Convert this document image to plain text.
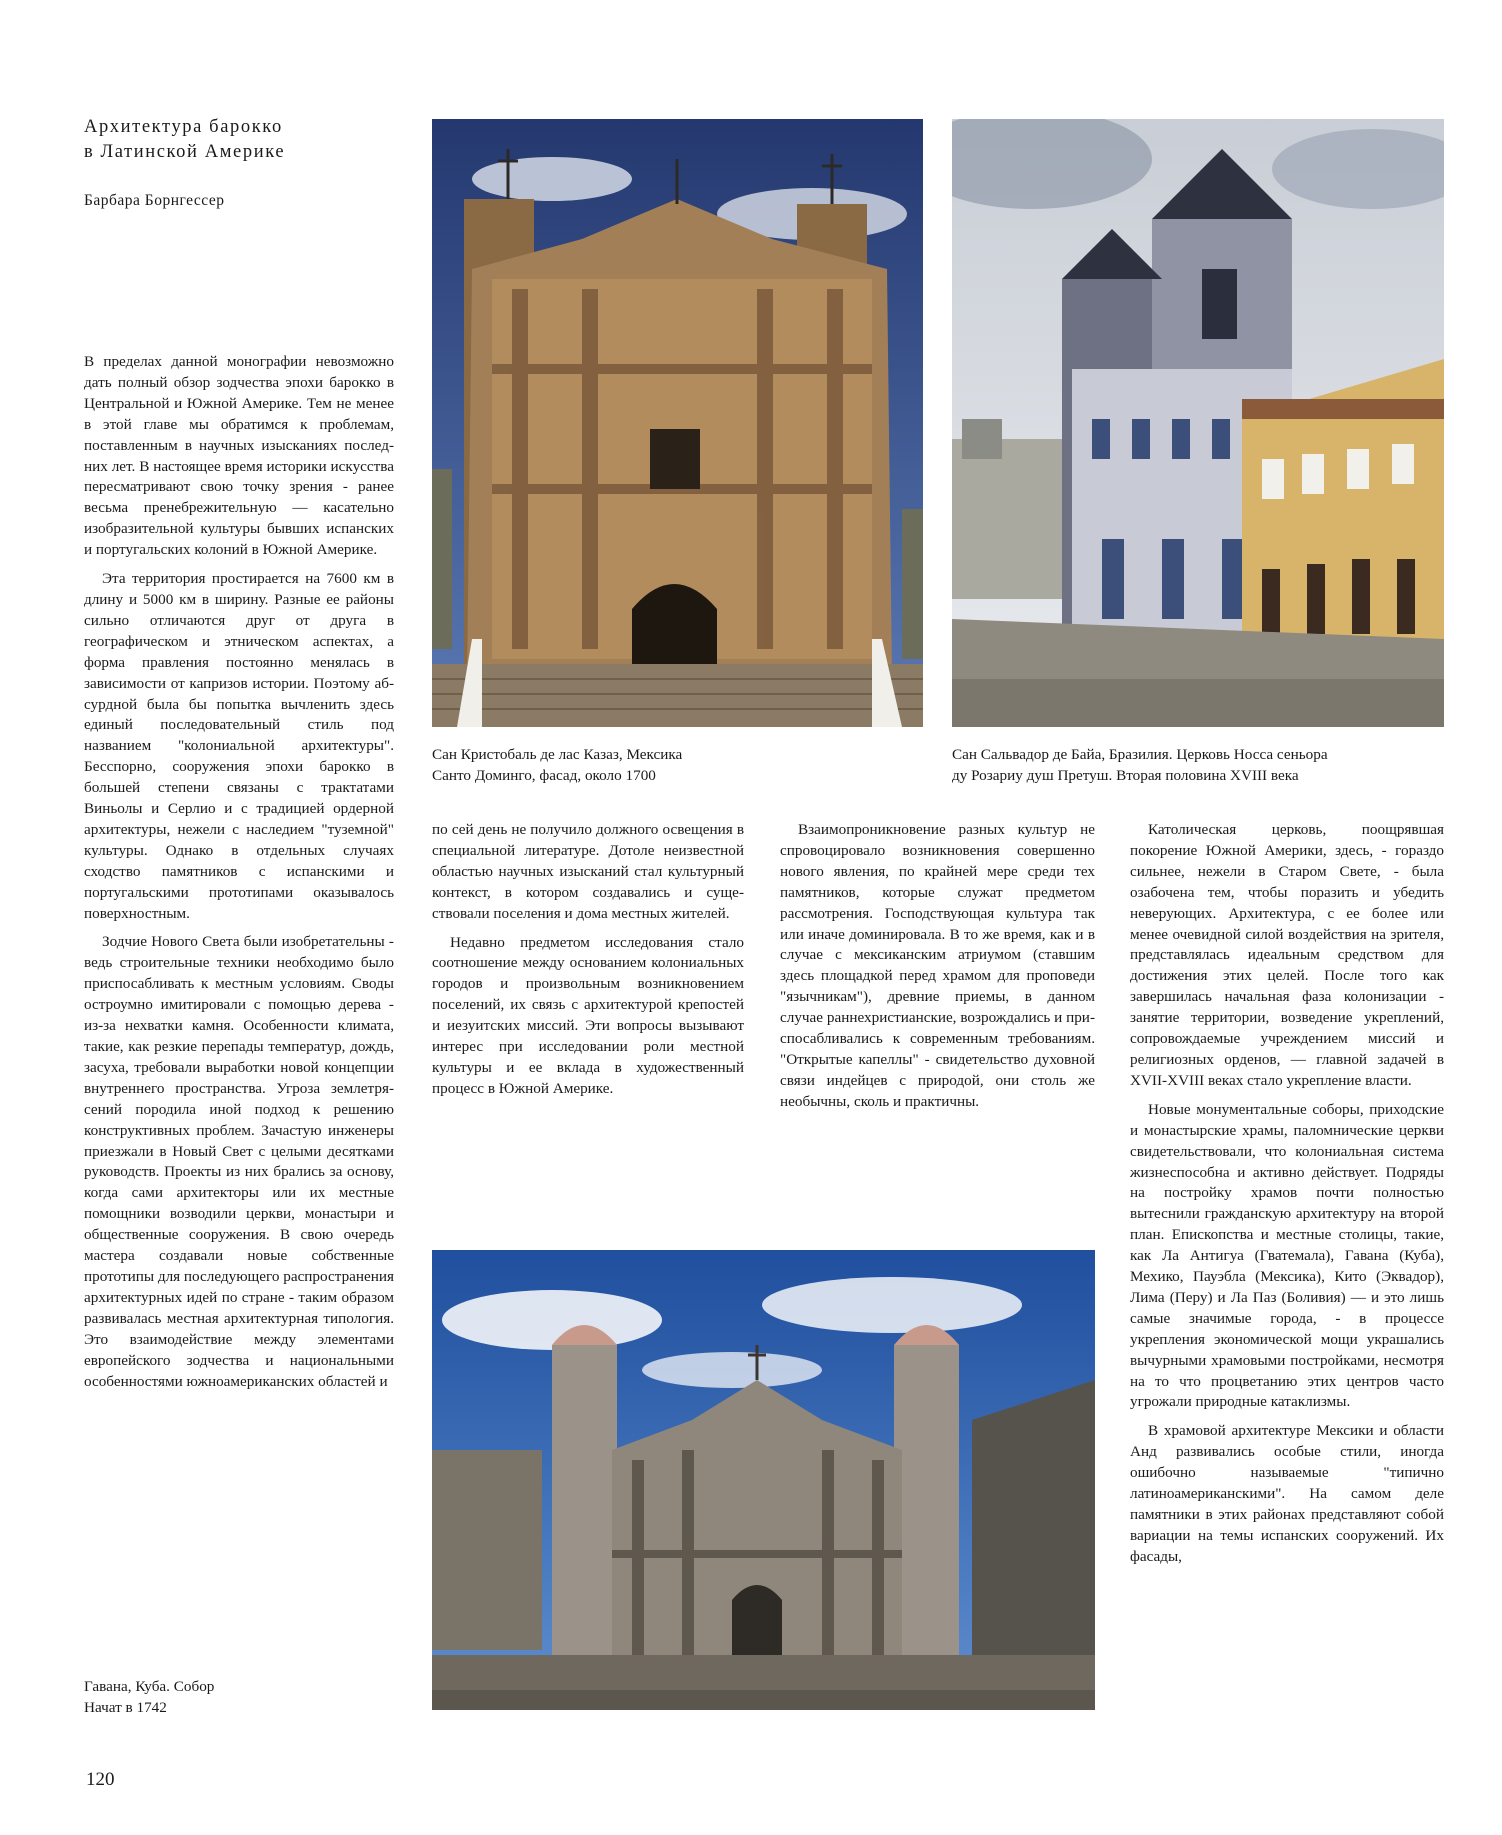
Архитектура барокко
в Латинской Америке
Барбара Борнгессер
Сан Кристобаль де лас Казаз, Мексика
Санто Доминго, фасад, около 1700
Сан Сальвадор де Байа, Бразилия. Церковь Носса сеньора
ду Розариу душ Претуш. Вторая половина XVIII века

В пределах данной монографии невозможно дать полный обзор зодчества эпохи барокко в Центральной и Южной Америке. Тем не менее в этой главе мы обратимся к проблемам, поставленным в научных изысканиях последних лет. В настоящее время историки искусства пересматривают свою точку зрения - ранее весьма пренебрежительную — касательно изобразительной культуры бывших испанских и португальских колоний в Южной Америке.

Эта территория простирается на 7600 км в длину и 5000 км в ширину. Разные ее районы сильно отличаются друг от друга в географическом и этническом аспектах, а форма правления постоянно менялась в зависимости от капризов истории. Поэтому абсурдной была бы попытка вычленить здесь единый последовательный стиль под названием "колониальной архитектуры". Бесспорно, сооружения эпохи барокко в большей степени связаны с трактатами Виньолы и Серлио и с традицией ордерной архитектуры, нежели с наследием "туземной" культуры. Однако в отдельных случаях сходство памятников с испанскими и португальскими прототипами оказывалось поверхностным.

Зодчие Нового Света были изобретательны - ведь строительные техники необходимо было приспосабливать к местным условиям. Своды остроумно имитировали с помощью дерева - из-за нехватки камня. Особенности климата, такие, как резкие перепады температур, дождь, засуха, требовали выработки новой концепции внутреннего пространства. Угроза землетрясений породила иной подход к решению конструктивных проблем. Зачастую инженеры приезжали в Новый Свет с целыми десятками руководств. Проекты из них брались за основу, когда сами архитекторы или их местные помощники возводили церкви, монастыри и общественные сооружения. В свою очередь мастера создавали новые собственные прототипы для последующего распространения архитектурных идей по стране - таким образом развивалась местная архитектурная типология. Это взаимодействие между элементами европейского зодчества и национальными особенностями южноамериканских областей и

по сей день не получило должного освещения в специальной литературе. Дотоле неизвестной областью научных изысканий стал культурный контекст, в котором создавались и существовали поселения и дома местных жителей.

Недавно предметом исследования стало соотношение между основанием колониальных городов и произвольным возникновением поселений, их связь с архитектурой крепостей и иезуитских миссий. Эти вопросы вызывают интерес при исследовании роли местной культуры и ее вклада в художественный процесс в Южной Америке.

Взаимопроникновение разных культур не спровоцировало возникновения совершенно нового явления, по крайней мере среди тех памятников, которые служат предметом рассмотрения. Господствующая культура так или иначе доминировала. В то же время, как и в случае с мексиканским атриумом (ставшим здесь площадкой перед храмом для проповеди "язычникам"), древние приемы, в данном случае раннехристианские, возрождались и приспосабливались к современным требованиям. "Открытые капеллы" - свидетельство духовной связи индейцев с природой, они столь же необычны, сколь и практичны.

Католическая церковь, поощрявшая покорение Южной Америки, здесь, - гораздо сильнее, нежели в Старом Свете, - была озабочена тем, чтобы поразить и убедить неверующих. Архитектура, с ее более или менее очевидной силой воздействия на зрителя, представлялась идеальным средством для достижения этих целей. После того как завершилась начальная фаза колонизации - занятие территории, возведение укреплений, сопровождаемые учреждением миссий и религиозных орденов, — главной задачей в XVII-XVIII веках стало укрепление власти.

Новые монументальные соборы, приходские и монастырские храмы, паломнические церкви свидетельствовали, что колониальная система жизнеспособна и активно действует. Подряды на постройку храмов почти полностью вытеснили гражданскую архитектуру на второй план. Епископства и местные столицы, такие, как Ла Антигуа (Гватемала), Гавана (Куба), Мехико, Пауэбла (Мексика), Кито (Эквадор), Лима (Перу) и Ла Паз (Боливия) — и это лишь самые значимые города, - в процессе укрепления экономической мощи украшались вычурными храмовыми постройками, несмотря на то что процветанию этих центров часто угрожали природные катаклизмы.

В храмовой архитектуре Мексики и области Анд развивались особые стили, иногда ошибочно называемые "типично латиноамериканскими". На самом деле памятники в этих районах представляют собой вариации на темы испанских сооружений. Их фасады,

Гавана, Куба. Собор
Начат в 1742
120
